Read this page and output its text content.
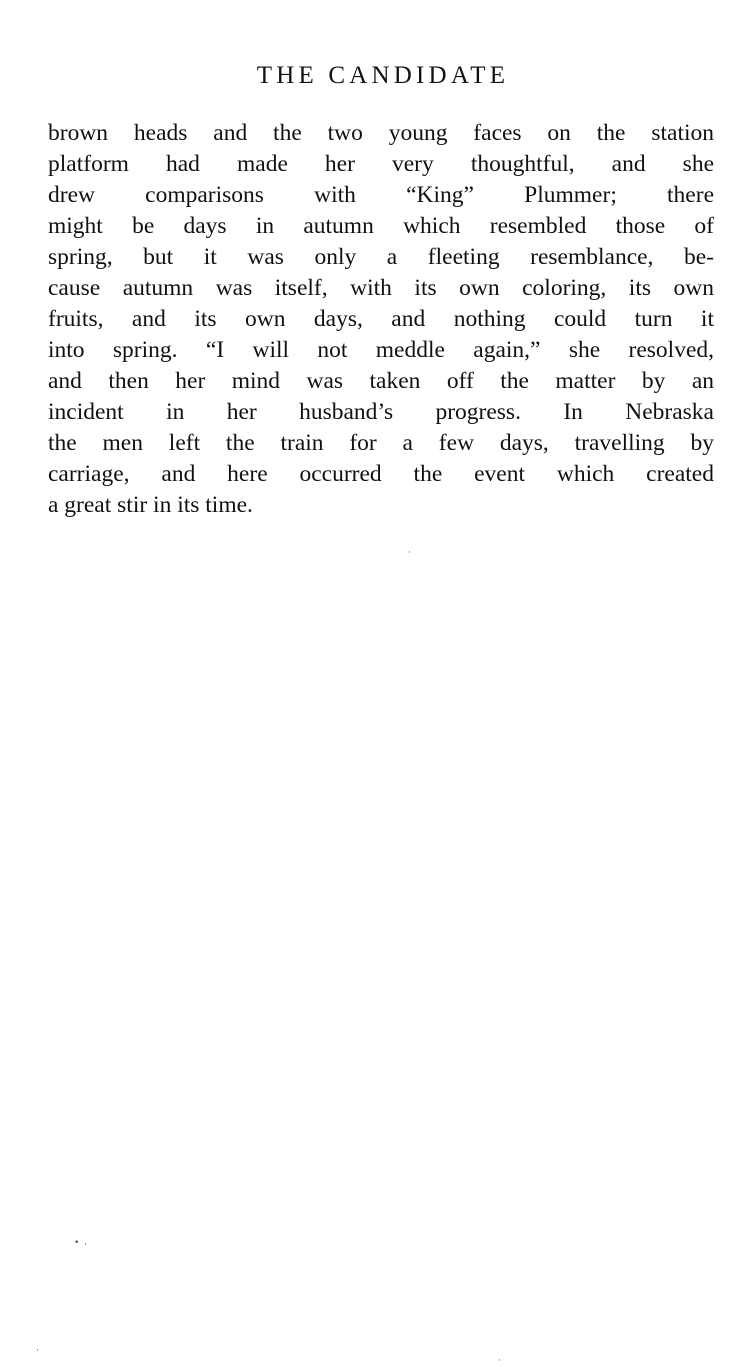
THE CANDIDATE
brown heads and the two young faces on the station
platform had made her very thoughtful, and she
drew comparisons with “King” Plummer; there
might be days in autumn which resembled those of
spring, but it was only a fleeting resemblance, be-
cause autumn was itself, with its own coloring, its own
fruits, and its own days, and nothing could turn it
into spring. “I will not meddle again,” she resolved,
and then her mind was taken off the matter by an
incident in her husband’s progress. In Nebraska
the men left the train for a few days, travelling by
carriage, and here occurred the event which created
a great stir in its time.
·
• ·
·
·
